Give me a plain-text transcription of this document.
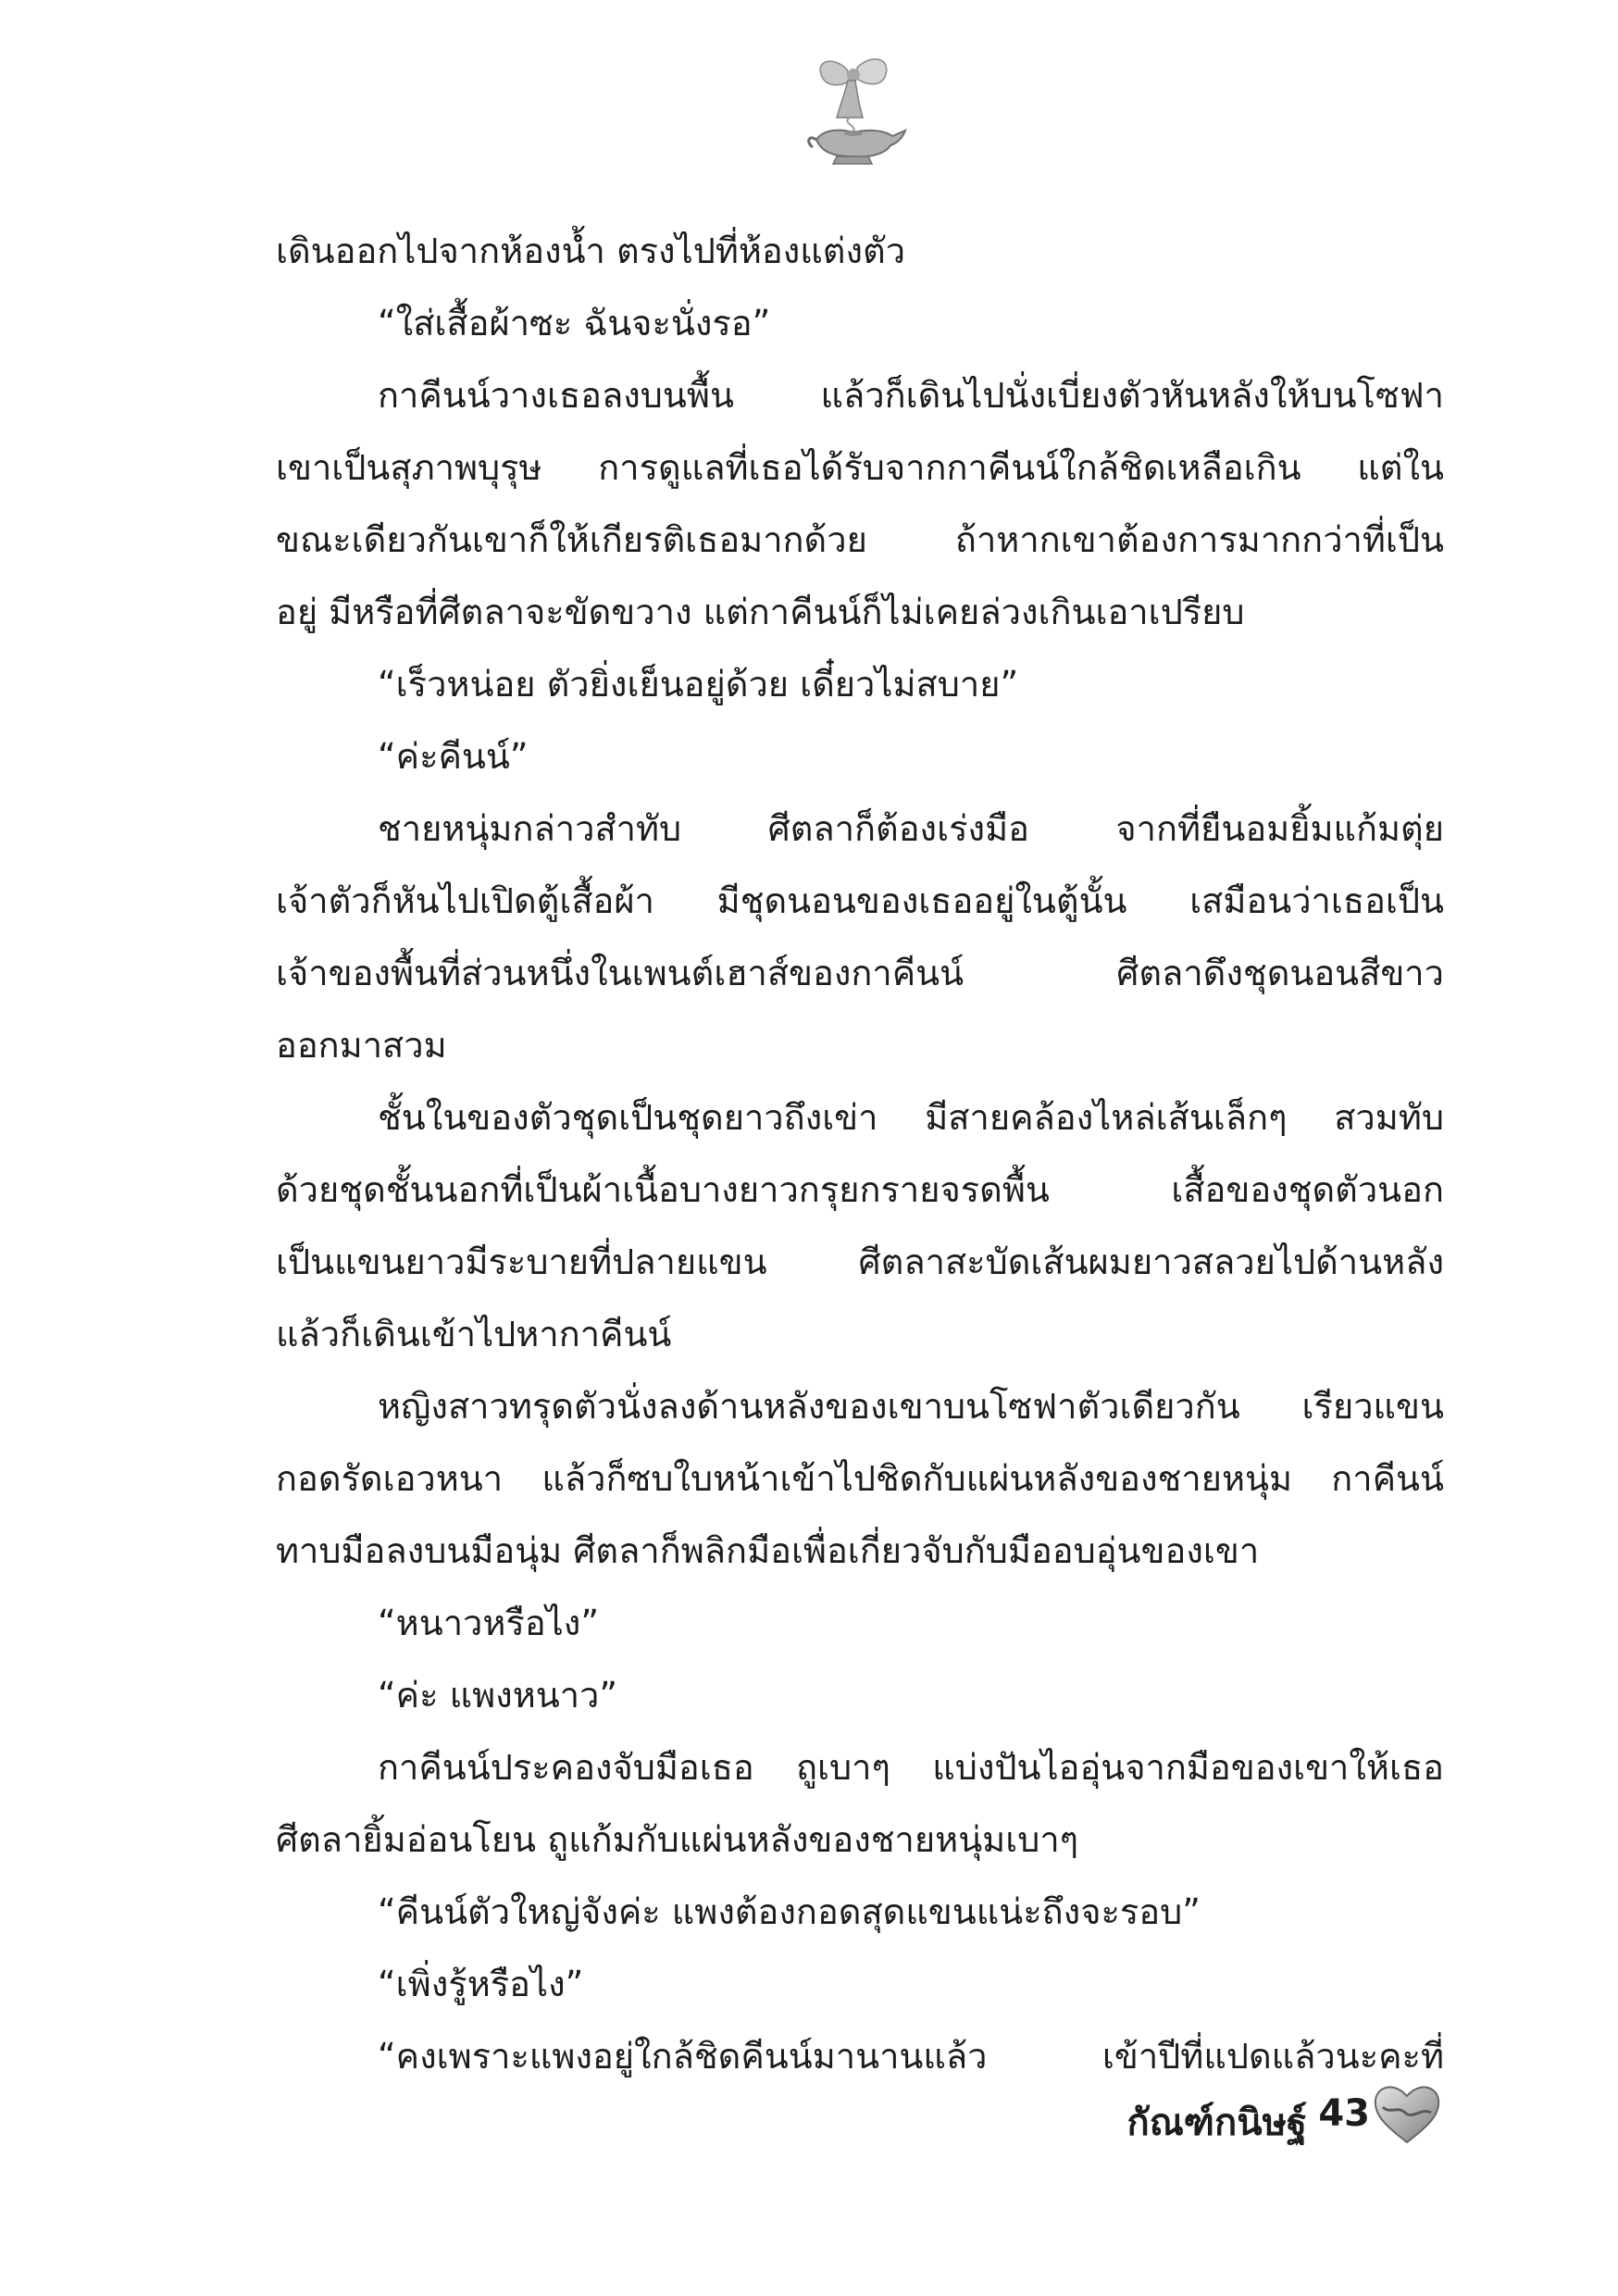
เดินออกไปจากห้องน้ำ ตรงไปที่ห้องแต่งตัว
“ใส่เสื้อผ้าซะ ฉันจะนั่งรอ”
กาคีนน์วางเธอลงบนพื้น แล้วก็เดินไปนั่งเบี่ยงตัวหันหลังให้บนโซฟา
เขาเป็นสุภาพบุรุษ การดูแลที่เธอได้รับจากกาคีนน์ใกล้ชิดเหลือเกิน แต่ใน
ขณะเดียวกันเขาก็ให้เกียรติเธอมากด้วย ถ้าหากเขาต้องการมากกว่าที่เป็น
อยู่ มีหรือที่ศีตลาจะขัดขวาง แต่กาคีนน์ก็ไม่เคยล่วงเกินเอาเปรียบ
“เร็วหน่อย ตัวยิ่งเย็นอยู่ด้วย เดี๋ยวไม่สบาย”
“ค่ะคีนน์”
ชายหนุ่มกล่าวสำทับ ศีตลาก็ต้องเร่งมือ จากที่ยืนอมยิ้มแก้มตุ่ย
เจ้าตัวก็หันไปเปิดตู้เสื้อผ้า มีชุดนอนของเธออยู่ในตู้นั้น เสมือนว่าเธอเป็น
เจ้าของพื้นที่ส่วนหนึ่งในเพนต์เฮาส์ของกาคีนน์ ศีตลาดึงชุดนอนสีขาว
ออกมาสวม
ชั้นในของตัวชุดเป็นชุดยาวถึงเข่า มีสายคล้องไหล่เส้นเล็กๆ สวมทับ
ด้วยชุดชั้นนอกที่เป็นผ้าเนื้อบางยาวกรุยกรายจรดพื้น เสื้อของชุดตัวนอก
เป็นแขนยาวมีระบายที่ปลายแขน ศีตลาสะบัดเส้นผมยาวสลวยไปด้านหลัง
แล้วก็เดินเข้าไปหากาคีนน์
หญิงสาวทรุดตัวนั่งลงด้านหลังของเขาบนโซฟาตัวเดียวกัน เรียวแขน
กอดรัดเอวหนา แล้วก็ซบใบหน้าเข้าไปชิดกับแผ่นหลังของชายหนุ่ม กาคีนน์
ทาบมือลงบนมือนุ่ม ศีตลาก็พลิกมือเพื่อเกี่ยวจับกับมืออบอุ่นของเขา
“หนาวหรือไง”
“ค่ะ แพงหนาว”
กาคีนน์ประคองจับมือเธอ ถูเบาๆ แบ่งปันไออุ่นจากมือของเขาให้เธอ
ศีตลายิ้มอ่อนโยน ถูแก้มกับแผ่นหลังของชายหนุ่มเบาๆ
“คีนน์ตัวใหญ่จังค่ะ แพงต้องกอดสุดแขนแน่ะถึงจะรอบ”
“เพิ่งรู้หรือไง”
“คงเพราะแพงอยู่ใกล้ชิดคีนน์มานานแล้ว เข้าปีที่แปดแล้วนะคะที่
กัณฑ์กนิษฐ์ 43
